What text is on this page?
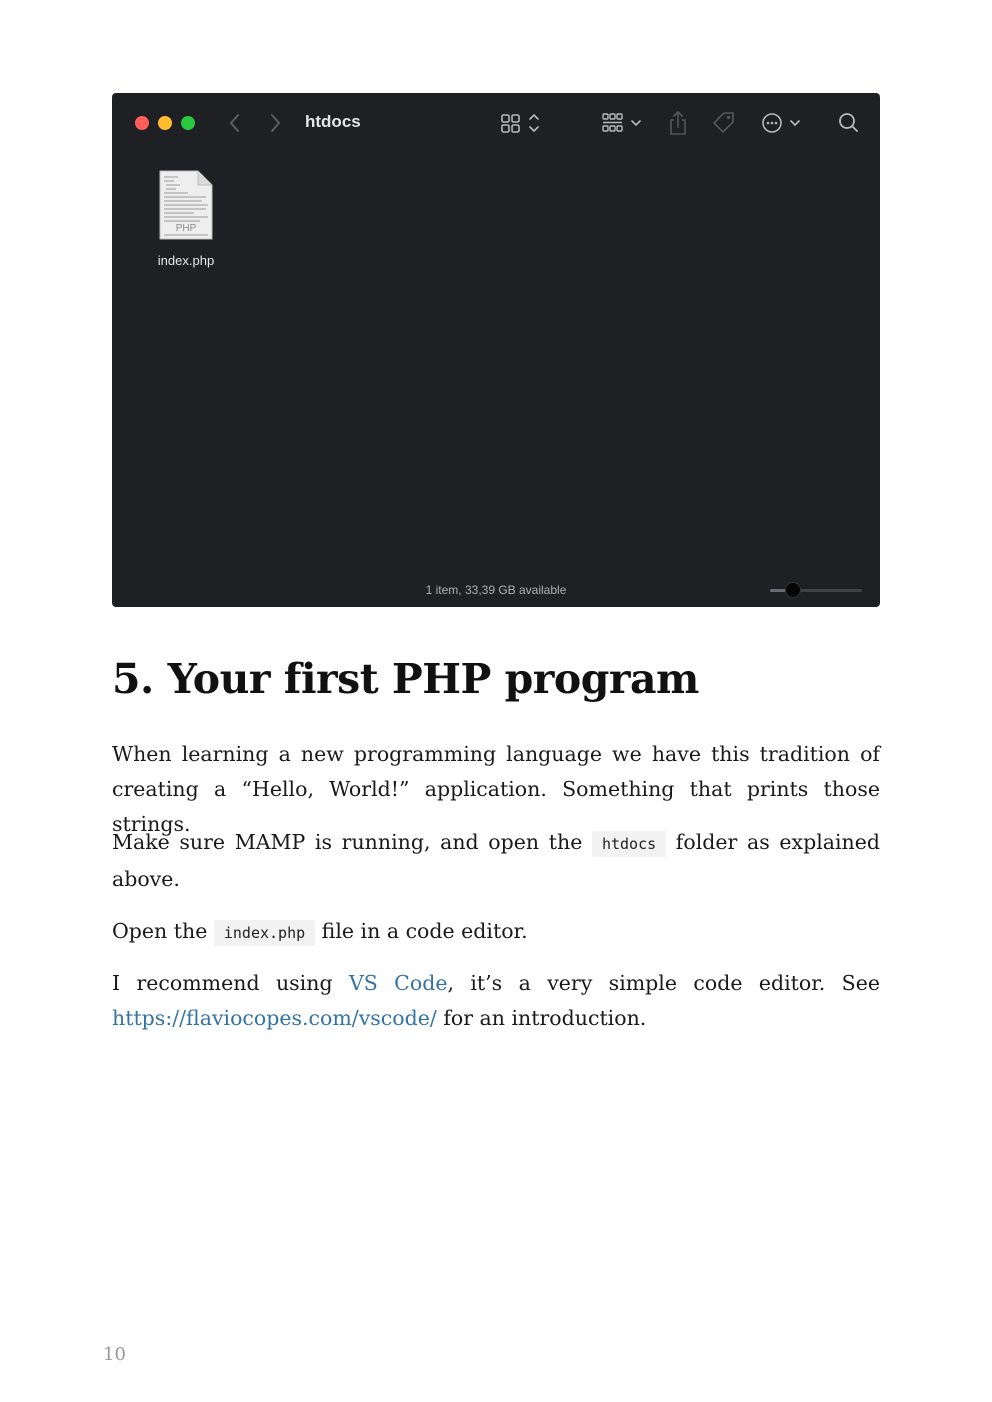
htdocs
PHP
index.php
1 item, 33,39 GB available
5. Your first PHP program

When learning a new programming language we have this tradition of creating a “Hello, World!” application. Something that prints those strings.

Make sure MAMP is running, and open the htdocs folder as explained above.

Open the index.php file in a code editor.

I recommend using VS Code, it’s a very simple code editor. See https://flaviocopes.com/vscode/ for an introduction.

10
